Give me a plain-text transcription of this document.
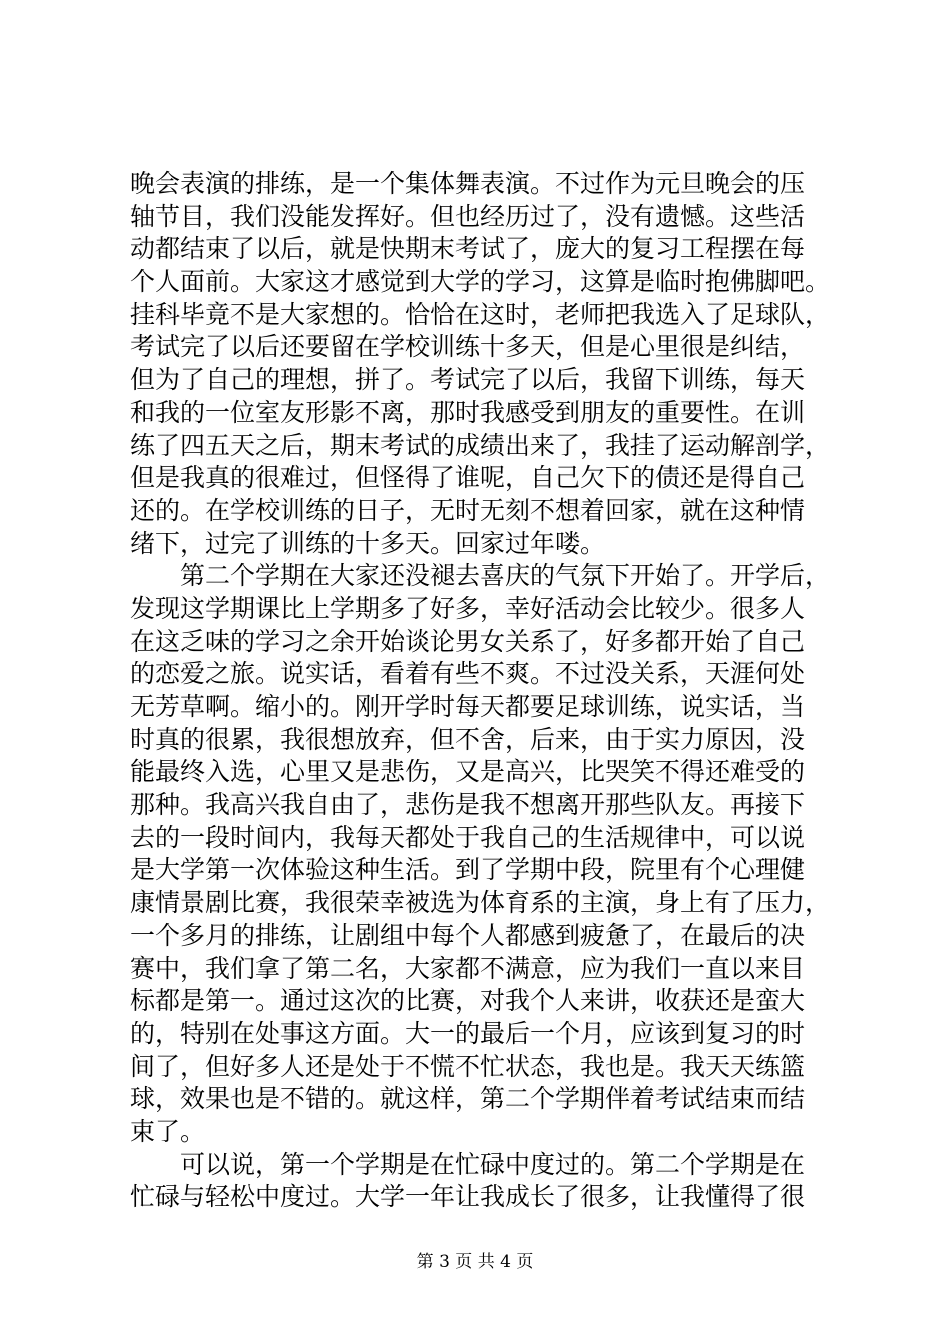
晚会表演的排练，是一个集体舞表演。不过作为元旦晚会的压
轴节目，我们没能发挥好。但也经历过了，没有遗憾。这些活
动都结束了以后，就是快期末考试了，庞大的复习工程摆在每
个人面前。大家这才感觉到大学的学习，这算是临时抱佛脚吧。
挂科毕竟不是大家想的。恰恰在这时，老师把我选入了足球队，
考试完了以后还要留在学校训练十多天，但是心里很是纠结，
但为了自己的理想，拼了。考试完了以后，我留下训练，每天
和我的一位室友形影不离，那时我感受到朋友的重要性。在训
练了四五天之后，期末考试的成绩出来了，我挂了运动解剖学，
但是我真的很难过，但怪得了谁呢，自己欠下的债还是得自己
还的。在学校训练的日子，无时无刻不想着回家，就在这种情
绪下，过完了训练的十多天。回家过年喽。
　　第二个学期在大家还没褪去喜庆的气氛下开始了。开学后，
发现这学期课比上学期多了好多，幸好活动会比较少。很多人
在这乏味的学习之余开始谈论男女关系了，好多都开始了自己
的恋爱之旅。说实话，看着有些不爽。不过没关系，天涯何处
无芳草啊。缩小的。刚开学时每天都要足球训练，说实话，当
时真的很累，我很想放弃，但不舍，后来，由于实力原因，没
能最终入选，心里又是悲伤，又是高兴，比哭笑不得还难受的
那种。我高兴我自由了，悲伤是我不想离开那些队友。再接下
去的一段时间内，我每天都处于我自己的生活规律中，可以说
是大学第一次体验这种生活。到了学期中段，院里有个心理健
康情景剧比赛，我很荣幸被选为体育系的主演，身上有了压力，
一个多月的排练，让剧组中每个人都感到疲惫了，在最后的决
赛中，我们拿了第二名，大家都不满意，应为我们一直以来目
标都是第一。通过这次的比赛，对我个人来讲，收获还是蛮大
的，特别在处事这方面。大一的最后一个月，应该到复习的时
间了，但好多人还是处于不慌不忙状态，我也是。我天天练篮
球，效果也是不错的。就这样，第二个学期伴着考试结束而结
束了。
　　可以说，第一个学期是在忙碌中度过的。第二个学期是在
忙碌与轻松中度过。大学一年让我成长了很多，让我懂得了很
第 3 页 共 4 页
